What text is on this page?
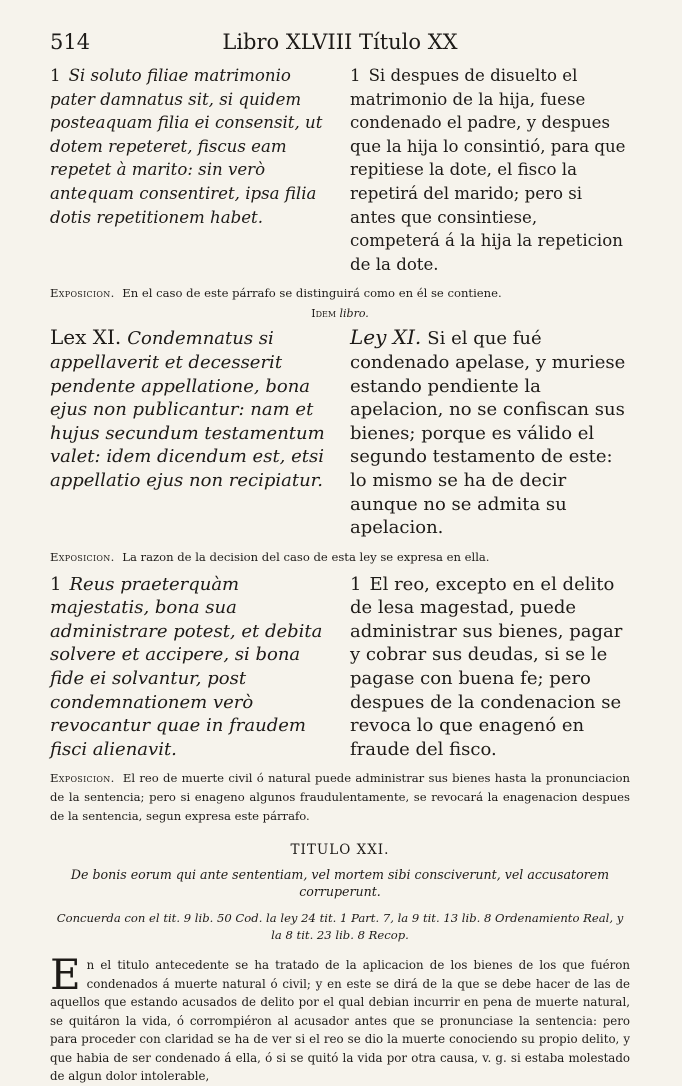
514	Libro XLVIII Título XX

1 Si soluto filiae matrimonio pater damnatus sit, si quidem posteaquam filia ei consensit, ut dotem repeteret, fiscus eam repetet à marito: sin verò antequam consentiret, ipsa filia dotis repetitionem habet.

1 Si despues de disuelto el matrimonio de la hija, fuese condenado el padre, y despues que la hija lo consintió, para que repitiese la dote, el fisco la repetirá del marido; pero si antes que consintiese, competerá á la hija la repeticion de la dote.

Exposicion. En el caso de este párrafo se distinguirá como en él se contiene.
Idem libro.

Lex XI. Condemnatus si appellaverit et decesserit pendente appellatione, bona ejus non publicantur: nam et hujus secundum testamentum valet: idem dicendum est, etsi appellatio ejus non recipiatur.

Ley XI. Si el que fué condenado apelase, y muriese estando pendiente la apelacion, no se confiscan sus bienes; porque es válido el segundo testamento de este: lo mismo se ha de decir aunque no se admita su apelacion.

Exposicion. La razon de la decision del caso de esta ley se expresa en ella.

1 Reus praeterquàm majestatis, bona sua administrare potest, et debita solvere et accipere, si bona fide ei solvantur, post condemnationem verò revocantur quae in fraudem fisci alienavit.

1 El reo, excepto en el delito de lesa magestad, puede administrar sus bienes, pagar y cobrar sus deudas, si se le pagase con buena fe; pero despues de la condenacion se revoca lo que enagenó en fraude del fisco.

Exposicion. El reo de muerte civil ó natural puede administrar sus bienes hasta la pronunciacion de la sentencia; pero si enageno algunos fraudulentamente, se revocará la enagenacion despues de la sentencia, segun expresa este párrafo.
TITULO XXI.
De bonis eorum qui ante sententiam, vel mortem sibi consciverunt, vel accusatorem corruperunt.
Concuerda con el tit. 9 lib. 50 Cod. la ley 24 tit. 1 Part. 7, la 9 tit. 13 lib. 8 Ordenamiento Real, y la 8 tit. 23 lib. 8 Recop.
E n el titulo antecedente se ha tratado de la aplicacion de los bienes de los que fuéron condenados á muerte natural ó civil; y en este se dirá de la que se debe hacer de las de aquellos que estando acusados de delito por el qual debian incurrir en pena de muerte natural, se quitáron la vida, ó corrompiéron al acusador antes que se pronunciase la sentencia: pero para proceder con claridad se ha de ver si el reo se dio la muerte conociendo su propio delito, y que habia de ser condenado á ella, ó si se quitó la vida por otra causa, v. g. si estaba molestado de algun dolor intolerable,
